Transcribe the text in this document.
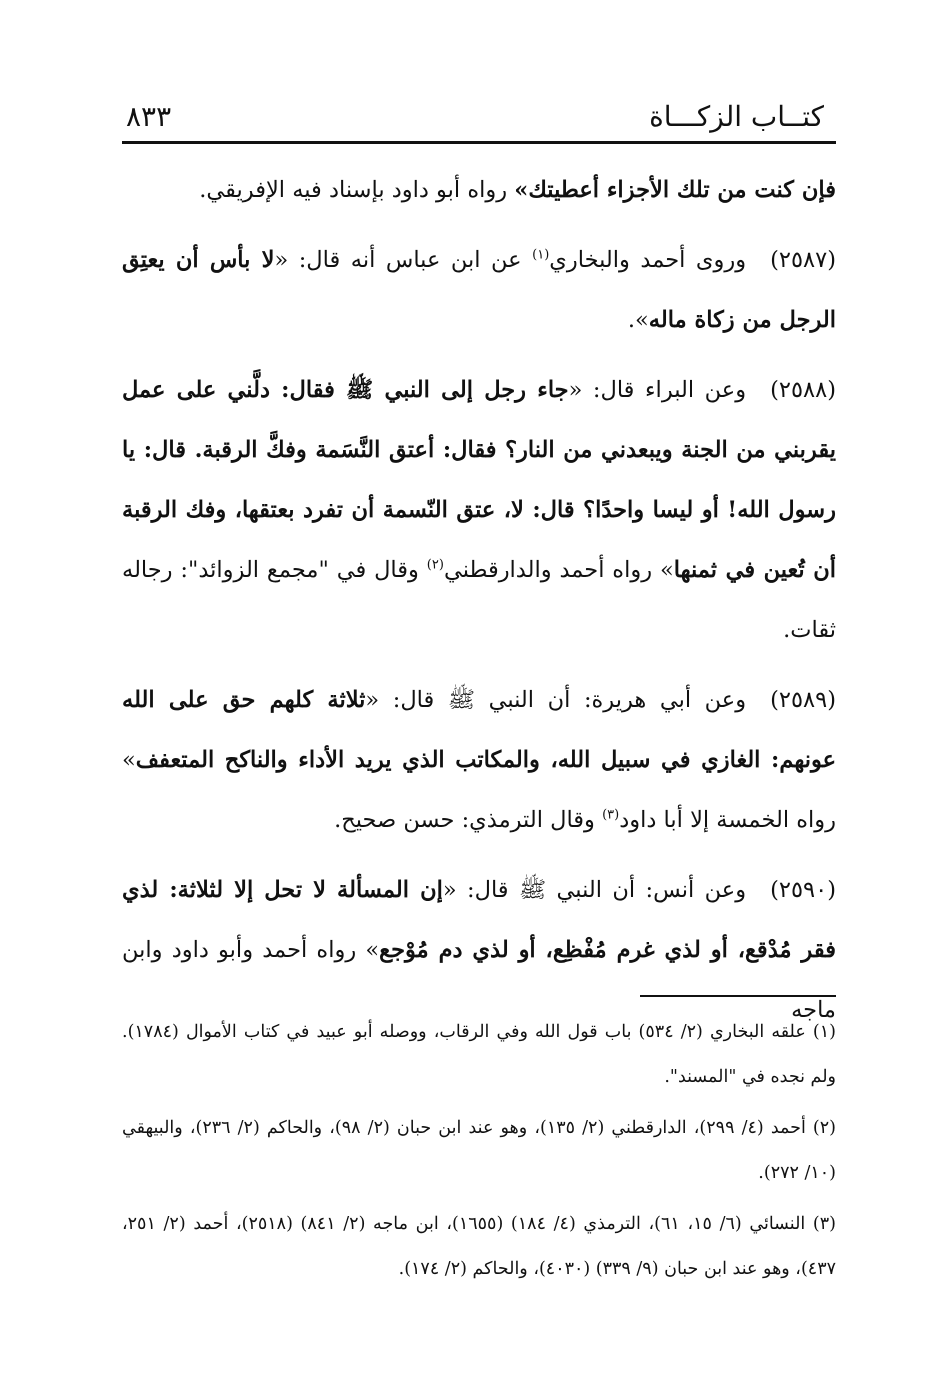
كتــاب الزكـــاة
٨٣٣

فإن كنت من تلك الأجزاء أعطيتك» رواه أبو داود بإسناد فيه الإفريقي.

(٢٥٨٧)وروى أحمد والبخاري$^{(١)}$ عن ابن عباس أنه قال: «لا بأس أن يعتِق الرجل من زكاة ماله».

(٢٥٨٨)وعن البراء قال: «جاء رجل إلى النبي ﷺ فقال: دلَّني على عمل يقربني من الجنة ويبعدني من النار؟ فقال: أعتق النَّسَمة وفكَّ الرقبة. قال: يا رسول الله! أو ليسا واحدًا؟ قال: لا، عتق النّسمة أن تفرد بعتقها، وفك الرقبة أن تُعين في ثمنها» رواه أحمد والدارقطني$^{(٢)}$ وقال في "مجمع الزوائد": رجاله ثقات.

(٢٥٨٩)وعن أبي هريرة: أن النبي ﷺ قال: «ثلاثة كلهم حق على الله عونهم: الغازي في سبيل الله، والمكاتب الذي يريد الأداء والناكح المتعفف» رواه الخمسة إلا أبا داود$^{(٣)}$ وقال الترمذي: حسن صحيح.

(٢٥٩٠)وعن أنس: أن النبي ﷺ قال: «إن المسألة لا تحل إلا لثلاثة: لذي فقر مُدْقع، أو لذي غرم مُفْظِع، أو لذي دم مُوْجع» رواه أحمد وأبو داود وابن ماجه

(١) علقه البخاري (٢/ ٥٣٤) باب قول الله وفي الرقاب، ووصله أبو عبيد في كتاب الأموال (١٧٨٤). ولم نجده في "المسند".

(٢) أحمد (٤/ ٢٩٩)، الدارقطني (٢/ ١٣٥)، وهو عند ابن حبان (٢/ ٩٨)، والحاكم (٢/ ٢٣٦)، والبيهقي (١٠/ ٢٧٢).

(٣) النسائي (٦/ ١٥، ٦١)، الترمذي (٤/ ١٨٤) (١٦٥٥)، ابن ماجه (٢/ ٨٤١) (٢٥١٨)، أحمد (٢/ ٢٥١، ٤٣٧)، وهو عند ابن حبان (٩/ ٣٣٩) (٤٠٣٠)، والحاكم (٢/ ١٧٤).
